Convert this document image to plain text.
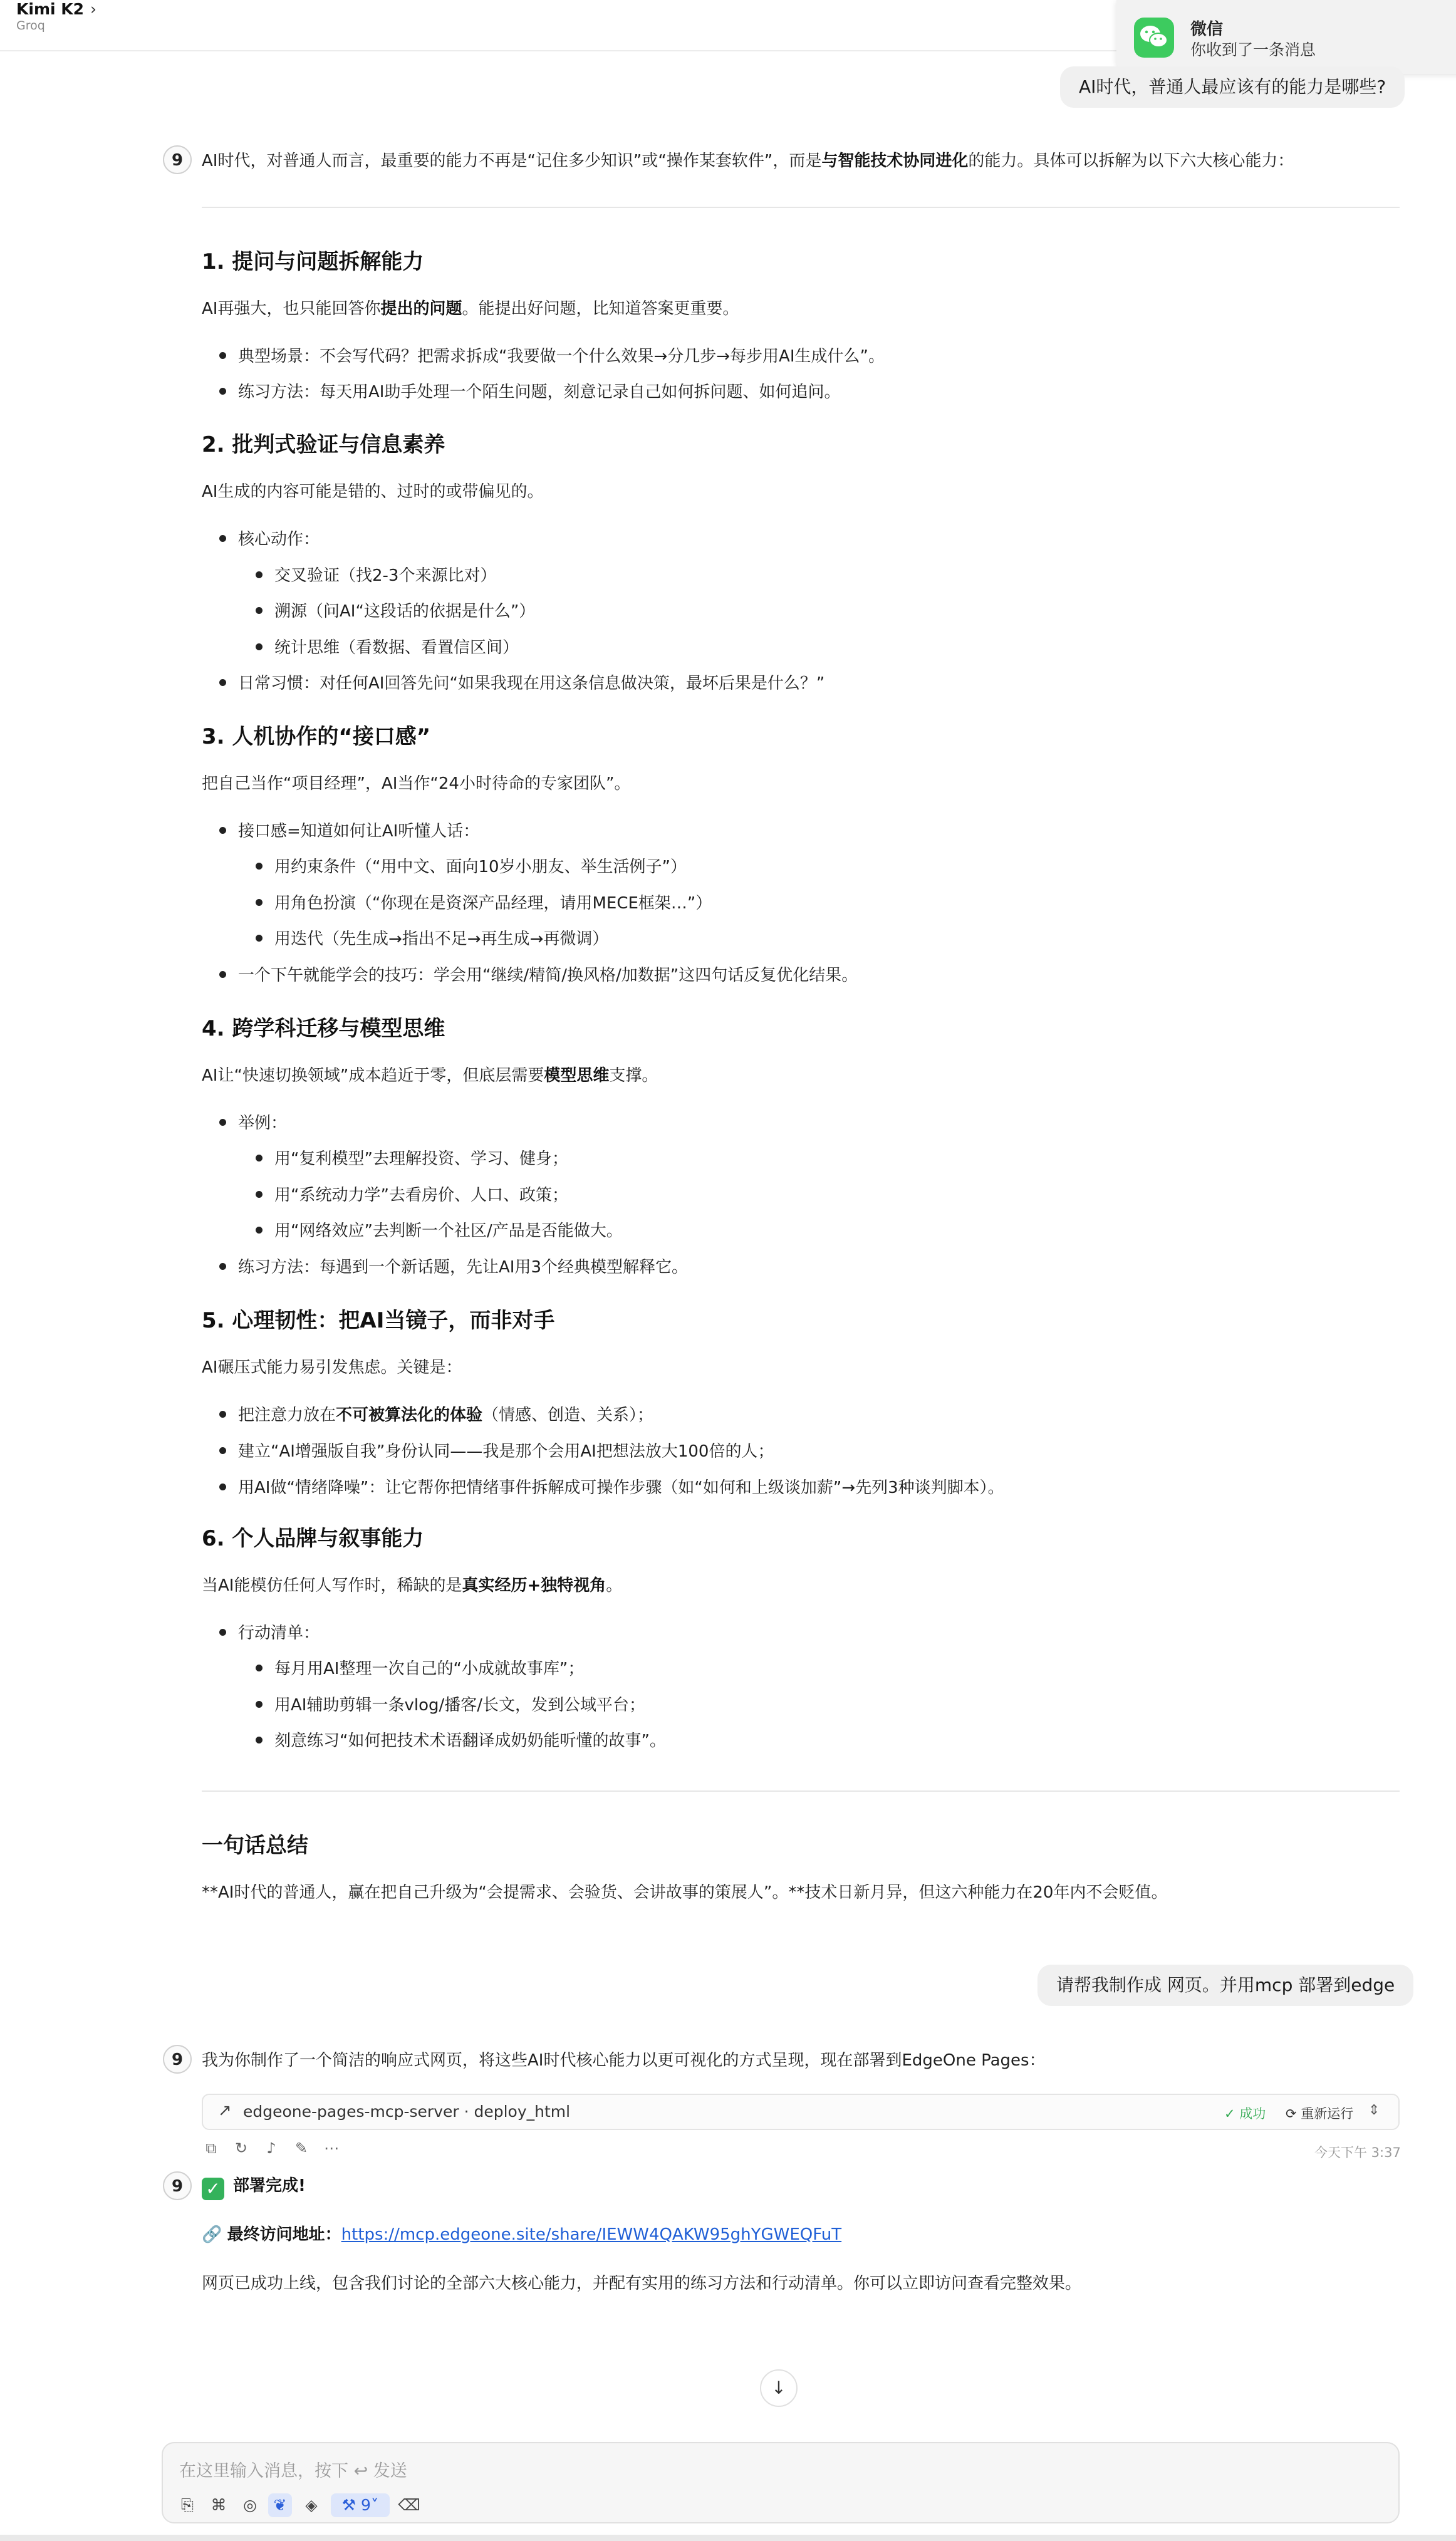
Kimi K2 ›
Groq	微信
你收到了一条消息
AI时代，普通人最应该有的能力是哪些?
9	AI时代，对普通人而言，最重要的能力不再是“记住多少知识”或“操作某套软件”，而是与智能技术协同进化的能力。具体可以拆解为以下六大核心能力：
1. 提问与问题拆解能力
AI再强大，也只能回答你提出的问题。能提出好问题，比知道答案更重要。
典型场景：不会写代码？把需求拆成“我要做一个什么效果→分几步→每步用AI生成什么”。
练习方法：每天用AI助手处理一个陌生问题，刻意记录自己如何拆问题、如何追问。
2. 批判式验证与信息素养
AI生成的内容可能是错的、过时的或带偏见的。
核心动作：
交叉验证（找2-3个来源比对）
溯源（问AI“这段话的依据是什么”）
统计思维（看数据、看置信区间）
日常习惯：对任何AI回答先问“如果我现在用这条信息做决策，最坏后果是什么？”
3. 人机协作的“接口感”
把自己当作“项目经理”，AI当作“24小时待命的专家团队”。
接口感=知道如何让AI听懂人话：
用约束条件（“用中文、面向10岁小朋友、举生活例子”）
用角色扮演（“你现在是资深产品经理，请用MECE框架…”）
用迭代（先生成→指出不足→再生成→再微调）
一个下午就能学会的技巧：学会用“继续/精简/换风格/加数据”这四句话反复优化结果。
4. 跨学科迁移与模型思维
AI让“快速切换领域”成本趋近于零，但底层需要模型思维支撑。
举例：
用“复利模型”去理解投资、学习、健身；
用“系统动力学”去看房价、人口、政策；
用“网络效应”去判断一个社区/产品是否能做大。
练习方法：每遇到一个新话题，先让AI用3个经典模型解释它。
5. 心理韧性：把AI当镜子，而非对手
AI碾压式能力易引发焦虑。关键是：
把注意力放在不可被算法化的体验（情感、创造、关系）；
建立“AI增强版自我”身份认同——我是那个会用AI把想法放大100倍的人；
用AI做“情绪降噪”：让它帮你把情绪事件拆解成可操作步骤（如“如何和上级谈加薪”→先列3种谈判脚本）。
6. 个人品牌与叙事能力
当AI能模仿任何人写作时，稀缺的是真实经历+独特视角。
行动清单：
每月用AI整理一次自己的“小成就故事库”；
用AI辅助剪辑一条vlog/播客/长文，发到公域平台；
刻意练习“如何把技术术语翻译成奶奶能听懂的故事”。
一句话总结
**AI时代的普通人，赢在把自己升级为“会提需求、会验货、会讲故事的策展人”。**技术日新月异，但这六种能力在20年内不会贬值。
请帮我制作成 网页。并用mcp 部署到edge
9	我为你制作了一个简洁的响应式网页，将这些AI时代核心能力以更可视化的方式呈现，现在部署到EdgeOne Pages：
↗ edgeone-pages-mcp-server · deploy_html	✓ 成功 ⟳ 重新运行 ⇕
⧉ ↻	♪	✎ ⋯	今天下午 3:37
9	✓ 部署完成!
🔗 最终访问地址：https://mcp.edgeone.site/share/IEWW4QAKW95ghYGWEQFuT
网页已成功上线，包含我们讨论的全部六大核心能力，并配有实用的练习方法和行动清单。你可以立即访问查看完整效果。
↓
在这里输入消息，按下 ↩ 发送
⎘	⌘	◎	❦	◈	⚒ 9˅	⌫
